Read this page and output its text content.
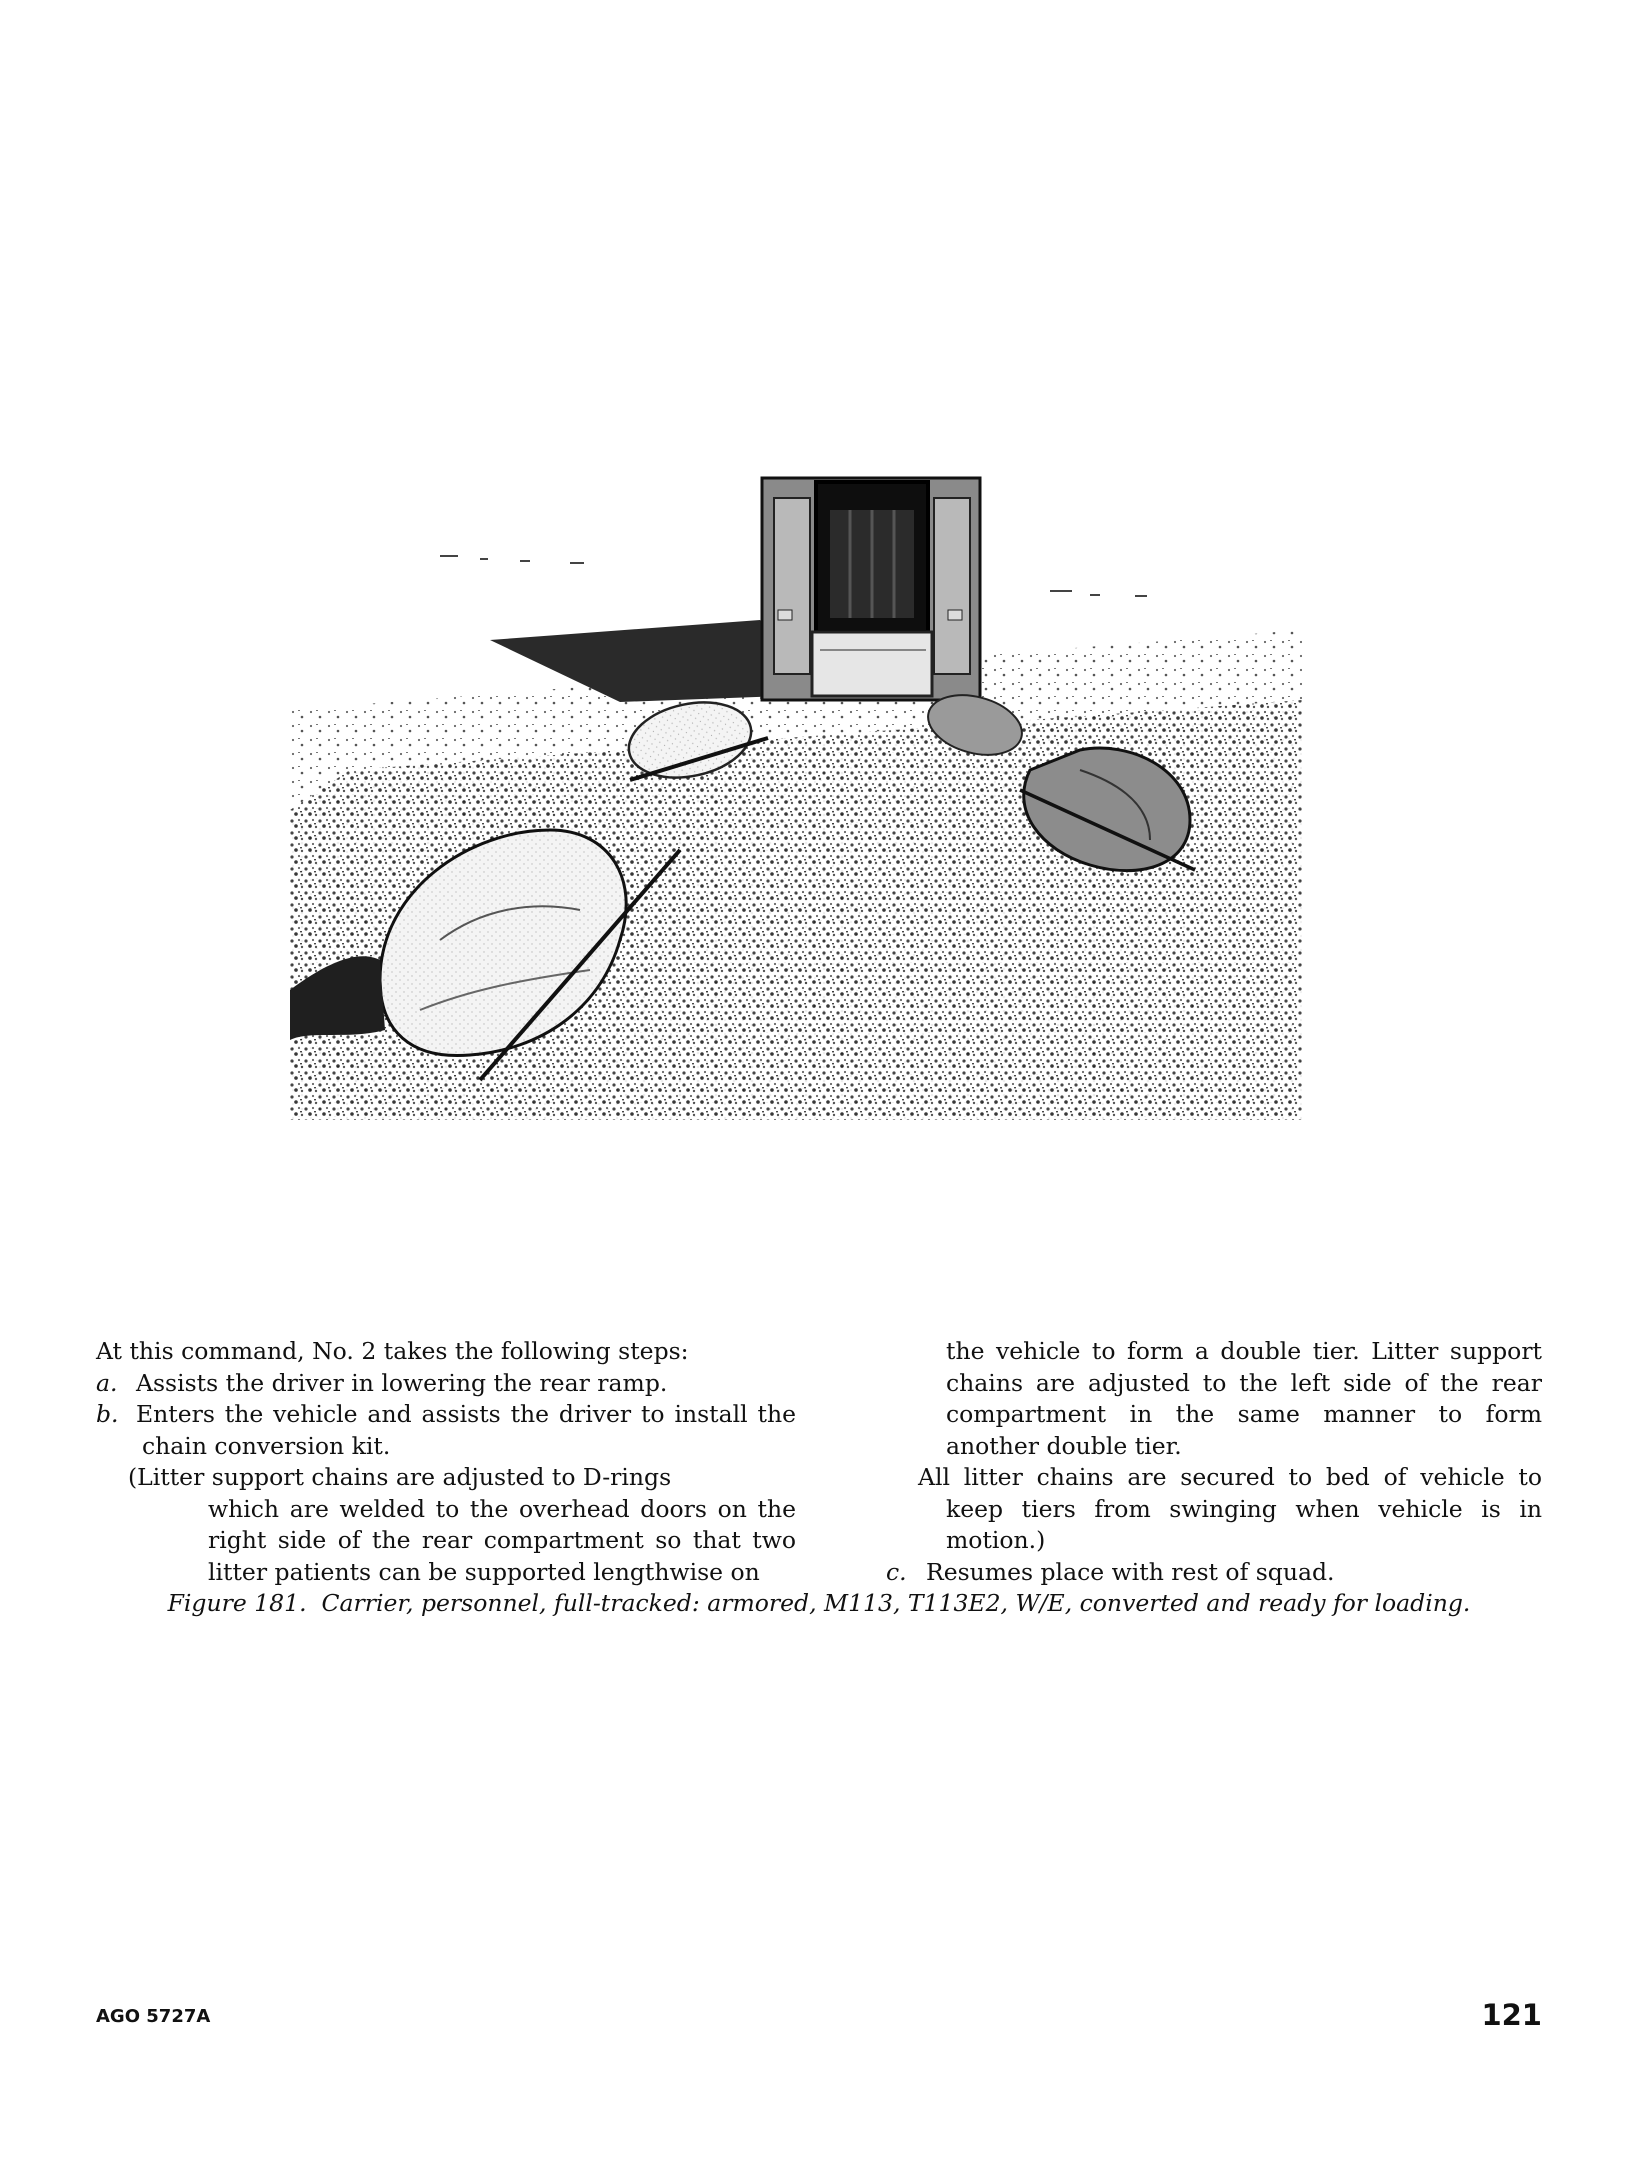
At this command, No. 2 takes the following steps:

a. Assists the driver in lowering the rear ramp.

b. Enters the vehicle and assists the driver to install the chain conversion kit.

(Litter support chains are adjusted to D-rings

which are welded to the overhead doors on the right side of the rear compartment so that two litter patients can be supported lengthwise on

the vehicle to form a double tier. Litter support chains are adjusted to the left side of the rear compartment in the same manner to form another double tier.

All litter chains are secured to bed of vehicle to keep tiers from swinging when vehicle is in motion.)

c. Resumes place with rest of squad.

Figure 181. Carrier, personnel, full-tracked: armored, M113, T113E2, W/E, converted and ready for loading.
AGO 5727A	121
